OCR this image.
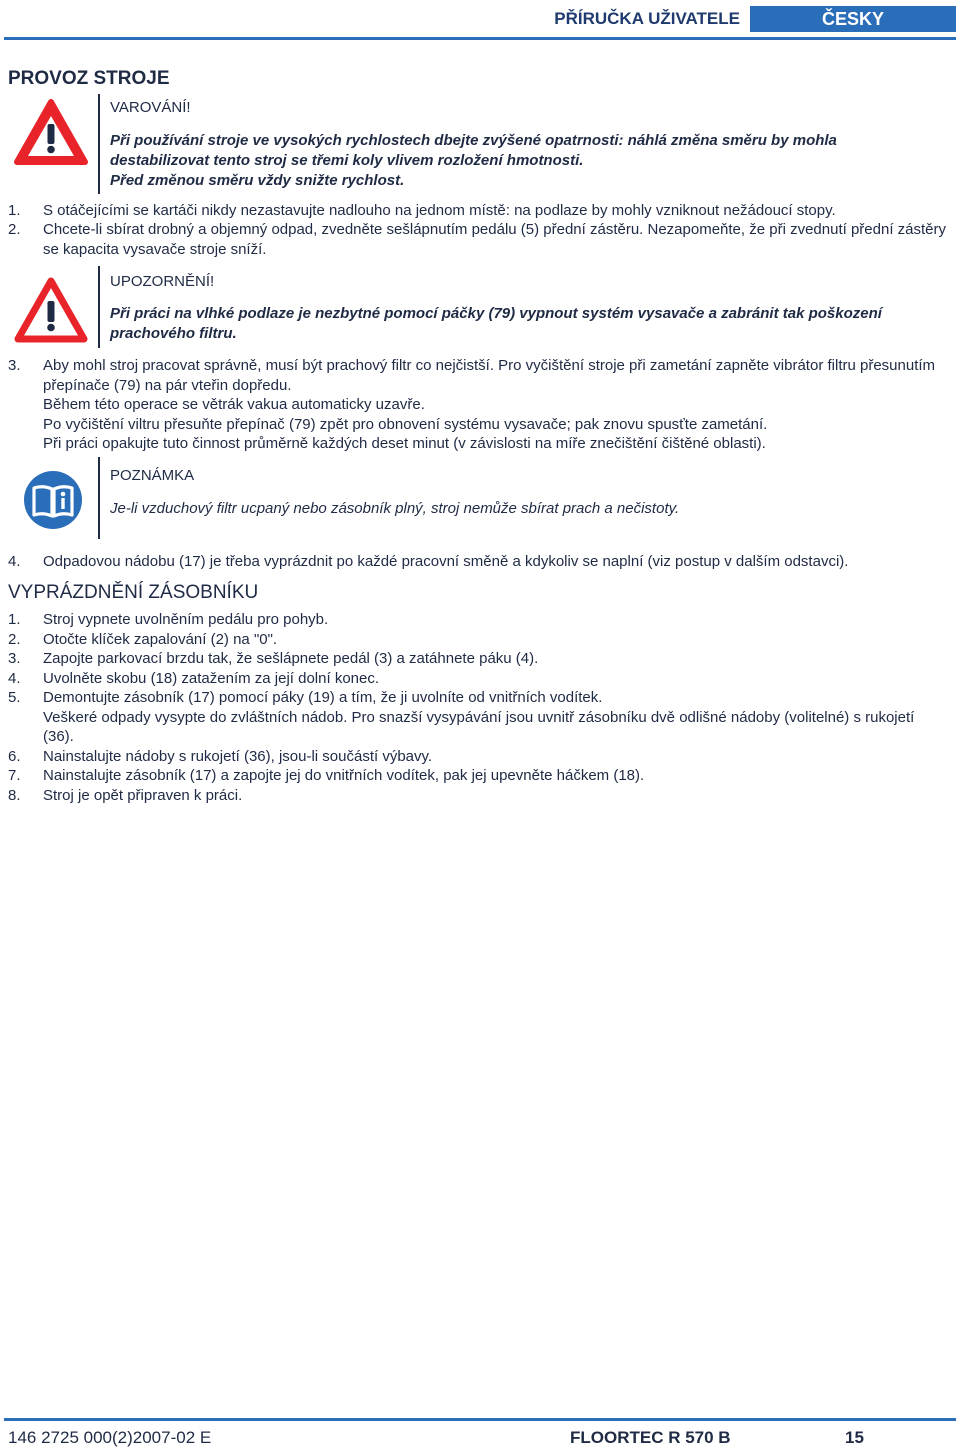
PŘÍRUČKA UŽIVATELE	ČESKY
PROVOZ STROJE
VAROVÁNÍ!
Při používání stroje ve vysokých rychlostech dbejte zvýšené opatrnosti: náhlá změna směru by mohla destabilizovat tento stroj se třemi koly vlivem rozložení hmotnosti.
Před změnou směru vždy snižte rychlost.
1.	S otáčejícími se kartáči nikdy nezastavujte nadlouho na jednom místě: na podlaze by mohly vzniknout nežádoucí stopy.
2.	Chcete-li sbírat drobný a objemný odpad, zvedněte sešlápnutím pedálu (5) přední zástěru. Nezapomeňte, že při zvednutí přední zástěry se kapacita vysavače stroje sníží.
UPOZORNĚNÍ!
Při práci na vlhké podlaze je nezbytné pomocí páčky (79) vypnout systém vysavače a zabránit tak poškození prachového filtru.
3.	Aby mohl stroj pracovat správně, musí být prachový filtr co nejčistší. Pro vyčištění stroje při zametání zapněte vibrátor filtru přesunutím přepínače (79) na pár vteřin dopředu.
Během této operace se větrák vakua automaticky uzavře.
Po vyčištění viltru přesuňte přepínač (79) zpět pro obnovení systému vysavače; pak znovu spusťte zametání.
Při práci opakujte tuto činnost průměrně každých deset minut (v závislosti na míře znečištění čištěné oblasti).
POZNÁMKA
Je-li vzduchový filtr ucpaný nebo zásobník plný, stroj nemůže sbírat prach a nečistoty.
4.	Odpadovou nádobu (17) je třeba vyprázdnit po každé pracovní směně a kdykoliv se naplní (viz postup v dalším odstavci).
VYPRÁZDNĚNÍ ZÁSOBNÍKU
1.	Stroj vypnete uvolněním pedálu pro pohyb.
2.	Otočte klíček zapalování (2) na "0".
3.	Zapojte parkovací brzdu tak, že sešlápnete pedál (3) a zatáhnete páku (4).
4.	Uvolněte skobu (18) zatažením za její dolní konec.
5.	Demontujte zásobník (17) pomocí páky (19) a tím, že ji uvolníte od vnitřních vodítek.
Veškeré odpady vysypte do zvláštních nádob. Pro snazší vysypávání jsou uvnitř zásobníku dvě odlišné nádoby (volitelné) s rukojetí (36).
6.	Nainstalujte nádoby s rukojetí (36), jsou-li součástí výbavy.
7.	Nainstalujte zásobník (17) a zapojte jej do vnitřních vodítek, pak jej upevněte háčkem (18).
8.	Stroj je opět připraven k práci.
146 2725 000(2)2007-02 E	FLOORTEC R 570 B	15
